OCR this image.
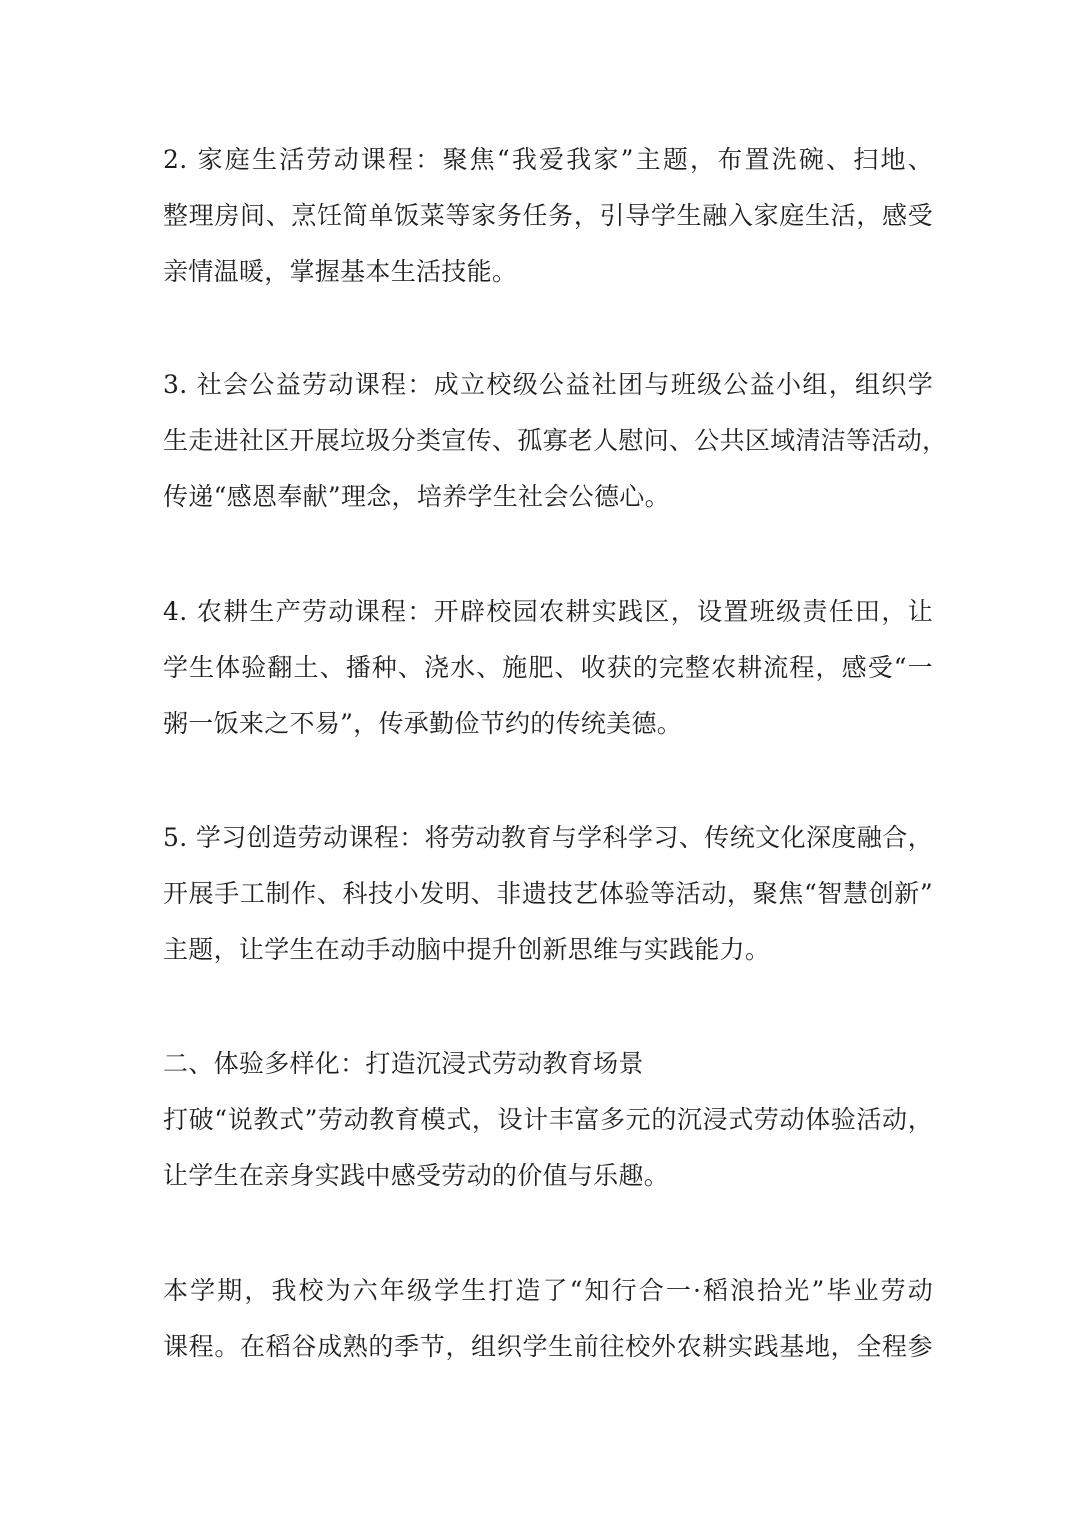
2. 家庭生活劳动课程：聚焦“我爱我家”主题，布置洗碗、扫地、
整理房间、烹饪简单饭菜等家务任务，引导学生融入家庭生活，感受
亲情温暖，掌握基本生活技能。

3. 社会公益劳动课程：成立校级公益社团与班级公益小组，组织学
生走进社区开展垃圾分类宣传、孤寡老人慰问、公共区域清洁等活动，
传递“感恩奉献”理念，培养学生社会公德心。

4. 农耕生产劳动课程：开辟校园农耕实践区，设置班级责任田，让
学生体验翻土、播种、浇水、施肥、收获的完整农耕流程，感受“一
粥一饭来之不易”，传承勤俭节约的传统美德。

5. 学习创造劳动课程：将劳动教育与学科学习、传统文化深度融合，
开展手工制作、科技小发明、非遗技艺体验等活动，聚焦“智慧创新”
主题，让学生在动手动脑中提升创新思维与实践能力。

二、体验多样化：打造沉浸式劳动教育场景
打破“说教式”劳动教育模式，设计丰富多元的沉浸式劳动体验活动，
让学生在亲身实践中感受劳动的价值与乐趣。

本学期，我校为六年级学生打造了“知行合一·稻浪拾光”毕业劳动
课程。在稻谷成熟的季节，组织学生前往校外农耕实践基地，全程参
